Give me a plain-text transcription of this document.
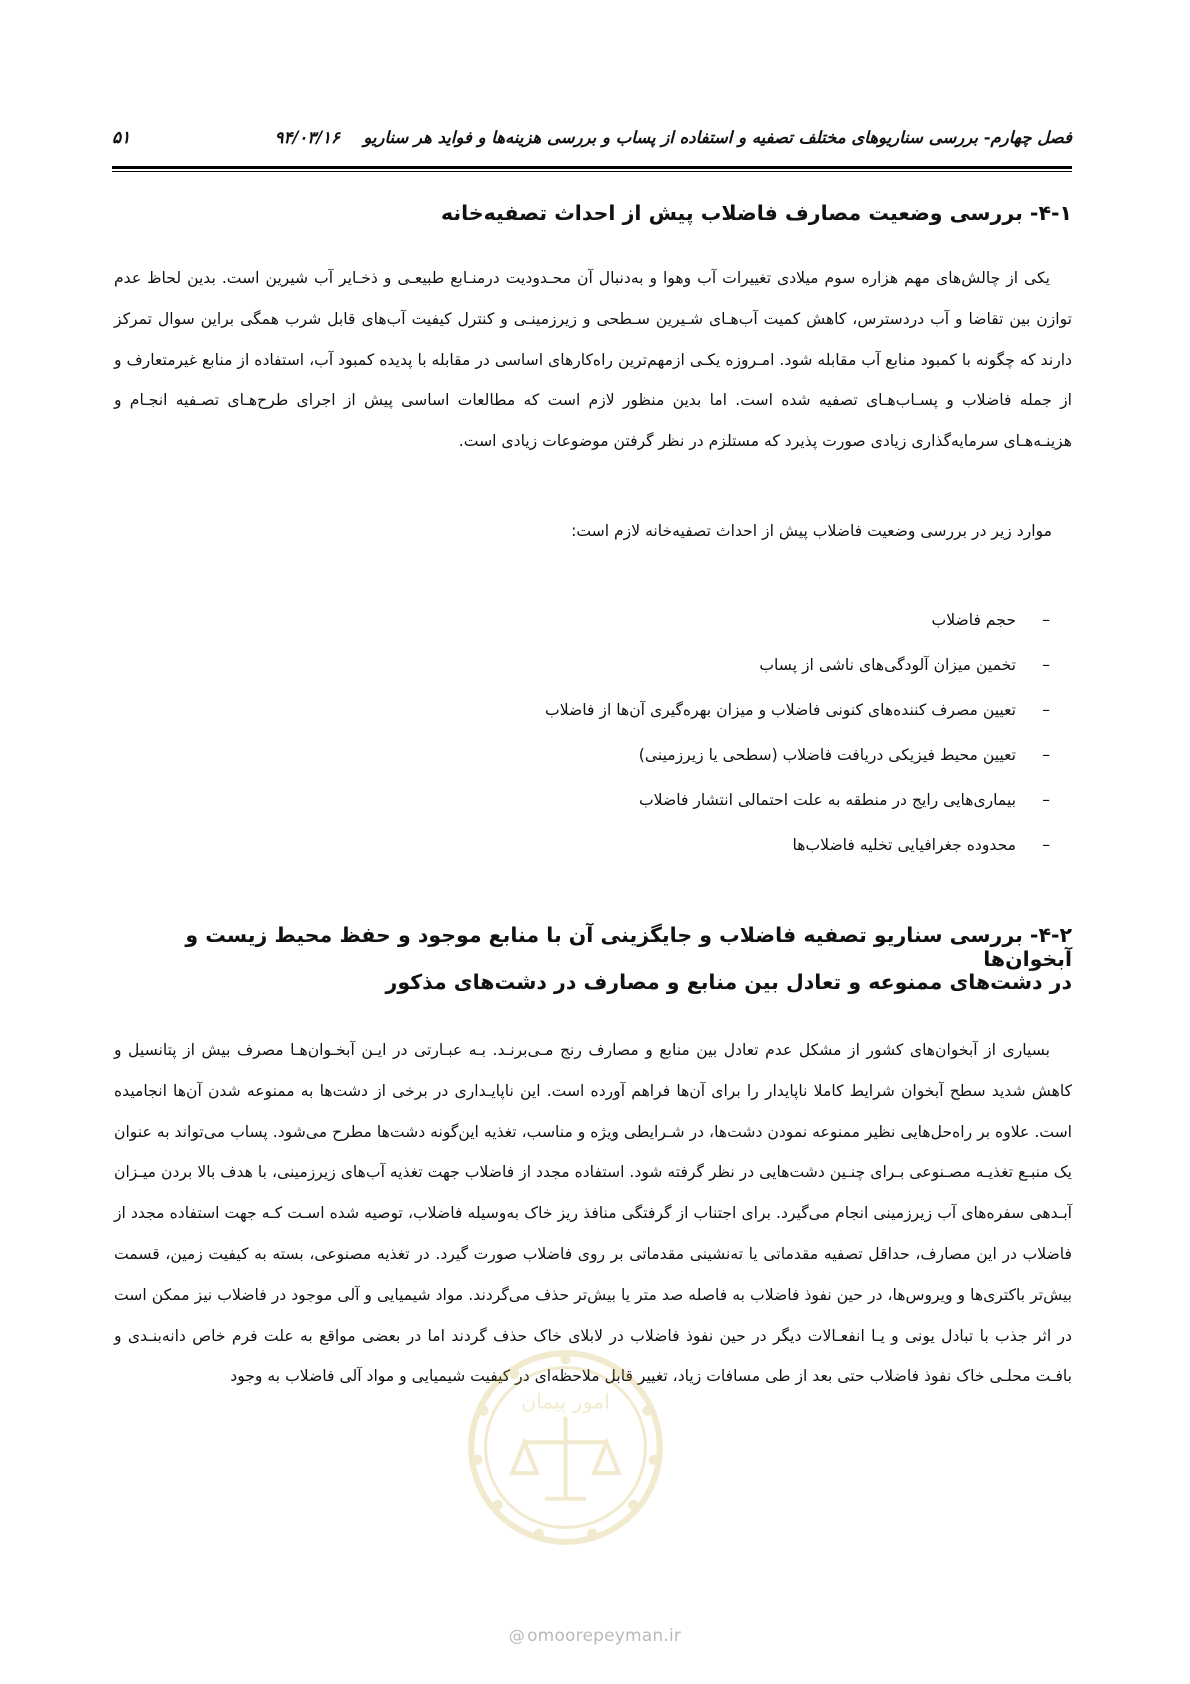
فصل چهارم- بررسی سناریوهای مختلف تصفیه و استفاده از پساب و بررسی هزینه‌ها و فواید هر سناریو  ۹۴/۰۳/۱۶
۵۱
۴-۱- بررسی وضعیت مصارف فاضلاب پیش از احداث تصفیه‌خانه

یکی از چالش‌های مهم هزاره سوم میلادی تغییرات آب وهوا و به‌دنبال آن محـدودیت درمنـابع طبیعـی و ذخـایر آب شیرین است. بدین لحاظ عدم توازن بین تقاضا و آب دردسترس، کاهش کمیت آب‌هـای شـیرین سـطحی و زیرزمینـی و کنترل کیفیت آب‌های قابل شرب همگی براین سوال تمرکز دارند که چگونه با کمبود منابع آب مقابله شود. امـروزه یکـی ازمهم‌ترین راه‌کارهای اساسی در مقابله با پدیده کمبود آب، استفاده از منابع غیرمتعارف و از جمله فاضلاب و پسـاب‌هـای تصفیه شده است. اما بدین منظور لازم است که مطالعات اساسی پیش از اجرای طرح‌هـای تصـفیه انجـام و هزینـه‌هـای سرمایه‌گذاری زیادی صورت پذیرد که مستلزم در نظر گرفتن موضوعات زیادی است.

موارد زیر در بررسی وضعیت فاضلاب پیش از احداث تصفیه‌خانه لازم است:

–حجم فاضلاب
–تخمین میزان آلودگی‌های ناشی از پساب
–تعیین مصرف کننده‌های کنونی فاضلاب و میزان بهره‌گیری آن‌ها از فاضلاب
–تعیین محیط فیزیکی دریافت فاضلاب (سطحی یا زیرزمینی)
–بیماری‌هایی رایج در منطقه به علت احتمالی انتشار فاضلاب
–محدوده جغرافیایی تخلیه فاضلاب‌ها
۴-۲- بررسی سناریو تصفیه فاضلاب و جایگزینی آن با منابع موجود و حفظ محیط زیست و آبخوان‌ها
در دشت‌های ممنوعه و تعادل بین منابع و مصارف در دشت‌های مذکور

بسیاری از آبخوان‌های کشور از مشکل عدم تعادل بین منابع و مصارف رنج مـی‌برنـد. بـه عبـارتی در ایـن آبخـوان‌هـا مصرف بیش از پتانسیل و کاهش شدید سطح آبخوان شرایط کاملا ناپایدار را برای آن‌ها فراهم آورده است. این ناپایـداری در برخی از دشت‌ها به ممنوعه شدن آن‌ها انجامیده است. علاوه بر راه‌حل‌هایی نظیر ممنوعه نمودن دشت‌ها، در شـرایطی ویژه و مناسب، تغذیه این‌گونه دشت‌ها مطرح می‌شود. پساب می‌تواند به عنوان یک منبـع تغذیـه مصـنوعی بـرای چنـین دشت‌هایی در نظر گرفته شود. استفاده مجدد از فاضلاب جهت تغذیه آب‌های زیرزمینی، با هدف بالا بردن میـزان آبـدهی سفره‌های آب زیرزمینی انجام می‌گیرد. برای اجتناب از گرفتگی منافذ ریز خاک به‌وسیله فاضلاب، توصیه شده اسـت کـه جهت استفاده مجدد از فاضلاب در این مصارف، حداقل تصفیه مقدماتی یا ته‌نشینی مقدماتی بر روی فاضلاب صورت گیرد. در تغذیه مصنوعی، بسته به کیفیت زمین، قسمت بیش‌تر باکتری‌ها و ویروس‌ها، در حین نفوذ فاضلاب به فاصله صد متر یا بیش‌تر حذف می‌گردند. مواد شیمیایی و آلی موجود در فاضلاب نیز ممکن است در اثر جذب با تبادل یونی و یـا انفعـالات دیگر در حین نفوذ فاضلاب در لابلای خاک حذف گردند اما در بعضی مواقع به علت فرم خاص دانه‌بنـدی و بافـت محلـی خاک نفوذ فاضلاب حتی بعد از طی مسافات زیاد، تغییر قابل ملاحظه‌ای در کیفیت شیمیایی و مواد آلی فاضلاب به وجود

امور پیمان
@ omoorepeyman.ir
